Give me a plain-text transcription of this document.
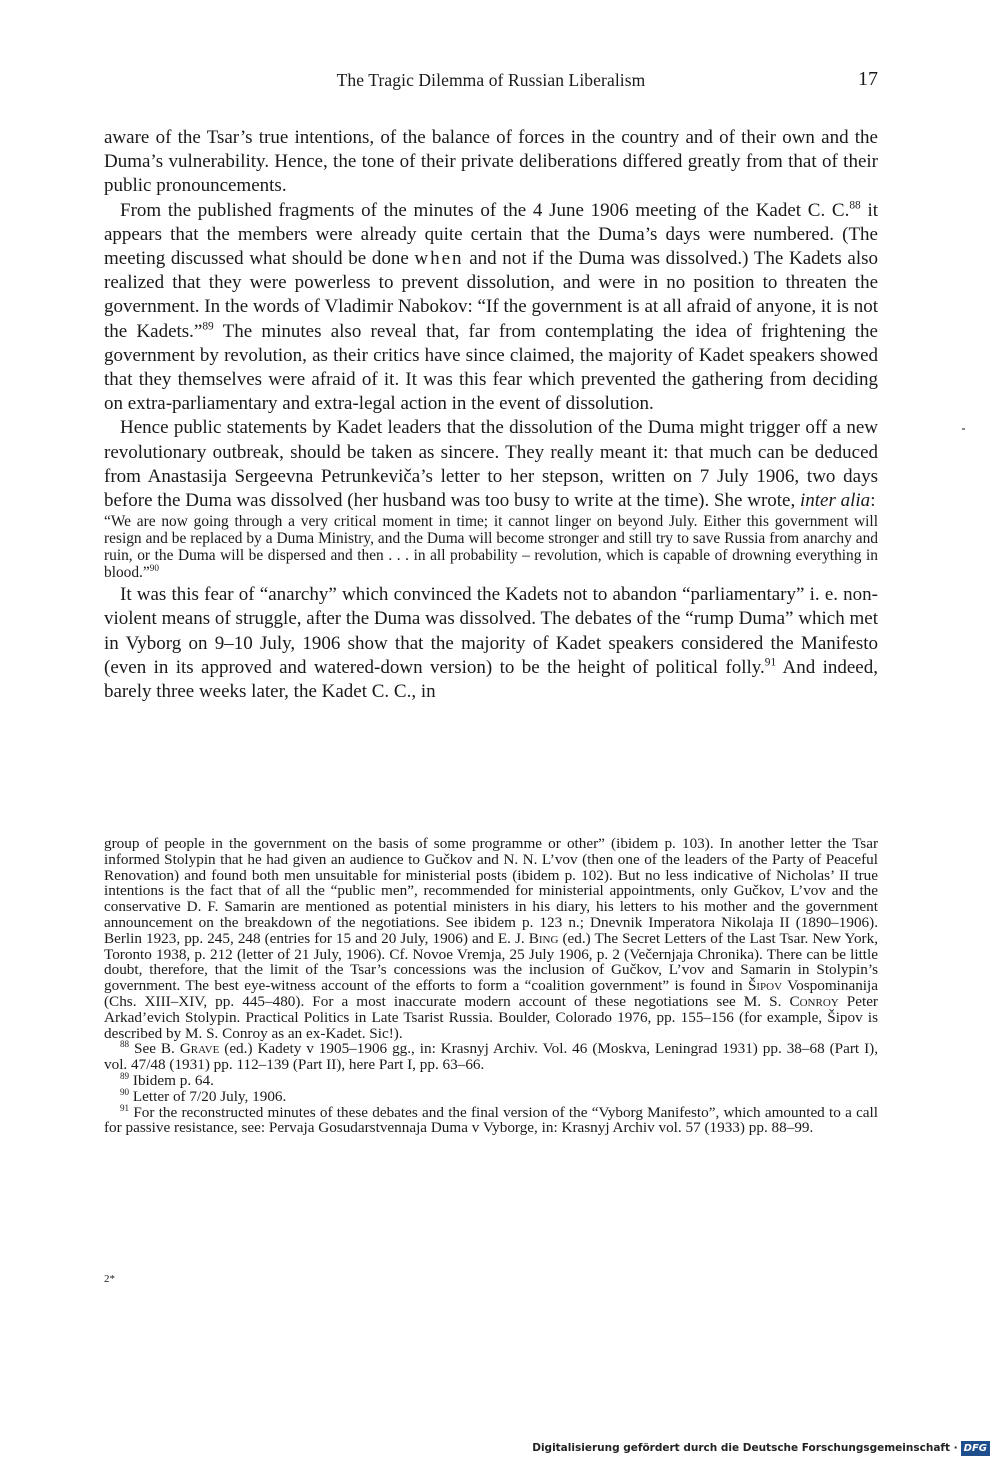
The Tragic Dilemma of Russian Liberalism	17

aware of the Tsar’s true intentions, of the balance of forces in the country and of their own and the Duma’s vulnerability. Hence, the tone of their private deliberations differed greatly from that of their public pronouncements.

From the published fragments of the minutes of the 4 June 1906 meeting of the Kadet C. C.$^{88}$ it appears that the members were already quite certain that the Duma’s days were numbered. (The meeting discussed what should be done when and not if the Duma was dissolved.) The Kadets also realized that they were powerless to prevent dissolution, and were in no position to threaten the government. In the words of Vladimir Nabokov: “If the government is at all afraid of anyone, it is not the Kadets.”$^{89}$ The minutes also reveal that, far from contemplating the idea of frightening the government by revolution, as their critics have since claimed, the majority of Kadet speakers showed that they themselves were afraid of it. It was this fear which prevented the gathering from deciding on extra-parliamentary and extra-legal action in the event of dissolution.

Hence public statements by Kadet leaders that the dissolution of the Duma might trigger off a new revolutionary outbreak, should be taken as sincere. They really meant it: that much can be deduced from Anastasija Sergeevna Petrunkeviča’s letter to her stepson, written on 7 July 1906, two days before the Duma was dissolved (her husband was too busy to write at the time). She wrote, inter alia:

“We are now going through a very critical moment in time; it cannot linger on beyond July. Either this government will resign and be replaced by a Duma Ministry, and the Duma will become stronger and still try to save Russia from anarchy and ruin, or the Duma will be dispersed and then . . . in all probability – revolution, which is capable of drowning everything in blood.”$^{90}$

It was this fear of “anarchy” which convinced the Kadets not to abandon “parliamentary” i. e. non-violent means of struggle, after the Duma was dissolved. The debates of the “rump Duma” which met in Vyborg on 9–10 July, 1906 show that the majority of Kadet speakers considered the Manifesto (even in its approved and watered-down version) to be the height of political folly.$^{91}$ And indeed, barely three weeks later, the Kadet C. C., in

group of people in the government on the basis of some programme or other” (ibidem p. 103). In another letter the Tsar informed Stolypin that he had given an audience to Gučkov and N. N. L’vov (then one of the leaders of the Party of Peaceful Renovation) and found both men unsuitable for ministerial posts (ibidem p. 102). But no less indicative of Nicholas’ II true intentions is the fact that of all the “public men”, recommended for ministerial appointments, only Gučkov, L’vov and the conservative D. F. Samarin are mentioned as potential ministers in his diary, his letters to his mother and the government announcement on the breakdown of the negotiations. See ibidem p. 123 n.; Dnevnik Imperatora Nikolaja II (1890–1906). Berlin 1923, pp. 245, 248 (entries for 15 and 20 July, 1906) and E. J. Bing (ed.) The Secret Letters of the Last Tsar. New York, Toronto 1938, p. 212 (letter of 21 July, 1906). Cf. Novoe Vremja, 25 July 1906, p. 2 (Večernjaja Chronika). There can be little doubt, therefore, that the limit of the Tsar’s concessions was the inclusion of Gučkov, L’vov and Samarin in Stolypin’s government. The best eye-witness account of the efforts to form a “coalition government” is found in Šipov Vospominanija (Chs. XIII–XIV, pp. 445–480). For a most inaccurate modern account of these negotiations see M. S. Conroy Peter Arkad’evich Stolypin. Practical Politics in Late Tsarist Russia. Boulder, Colorado 1976, pp. 155–156 (for example, Šipov is described by M. S. Conroy as an ex-Kadet. Sic!).

$^{88}$ See B. Grave (ed.) Kadety v 1905–1906 gg., in: Krasnyj Archiv. Vol. 46 (Moskva, Leningrad 1931) pp. 38–68 (Part I), vol. 47/48 (1931) pp. 112–139 (Part II), here Part I, pp. 63–66.

$^{89}$ Ibidem p. 64.

$^{90}$ Letter of 7/20 July, 1906.

$^{91}$ For the reconstructed minutes of these debates and the final version of the “Vyborg Manifesto”, which amounted to a call for passive resistance, see: Pervaja Gosudarstvennaja Duma v Vyborge, in: Krasnyj Archiv vol. 57 (1933) pp. 88–99.

2*
Digitalisierung gefördert durch die Deutsche Forschungsgemeinschaft · DFG
